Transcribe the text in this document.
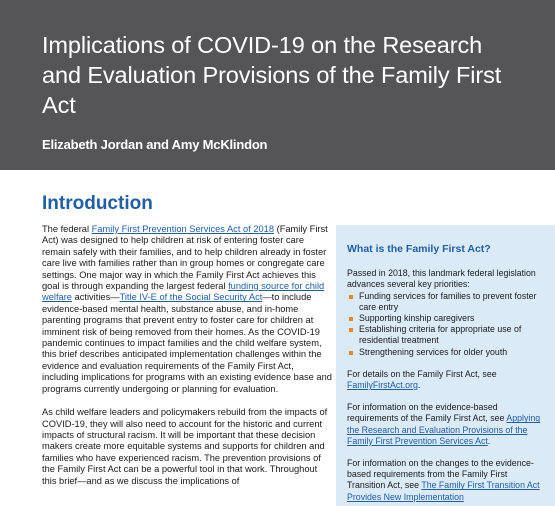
Implications of COVID-19 on the Research and Evaluation Provisions of the Family First Act
Elizabeth Jordan and Amy McKlindon
Introduction

The federal Family First Prevention Services Act of 2018 (Family First Act) was designed to help children at risk of entering foster care remain safely with their families, and to help children already in foster care live with families rather than in group homes or congregate care settings. One major way in which the Family First Act achieves this goal is through expanding the largest federal funding source for child welfare activities—Title IV-E of the Social Security Act—to include evidence-based mental health, substance abuse, and in-home parenting programs that prevent entry to foster care for children at imminent risk of being removed from their homes. As the COVID-19 pandemic continues to impact families and the child welfare system, this brief describes anticipated implementation challenges within the evidence and evaluation requirements of the Family First Act, including implications for programs with an existing evidence base and programs currently undergoing or planning for evaluation.

As child welfare leaders and policymakers rebuild from the impacts of COVID-19, they will also need to account for the historic and current impacts of structural racism. It will be important that these decision makers create more equitable systems and supports for children and families who have experienced racism. The prevention provisions of the Family First Act can be a powerful tool in that work. Throughout this brief—and as we discuss the implications of

What is the Family First Act?

Passed in 2018, this landmark federal legislation advances several key priorities:

Funding services for families to prevent foster care entry
Supporting kinship caregivers
Establishing criteria for appropriate use of residential treatment
Strengthening services for older youth

For details on the Family First Act, see FamilyFirstAct.org.

For information on the evidence-based requirements of the Family First Act, see Applying the Research and Evaluation Provisions of the Family First Prevention Services Act.

For information on the changes to the evidence-based requirements from the Family First Transition Act, see The Family First Transition Act Provides New Implementation
